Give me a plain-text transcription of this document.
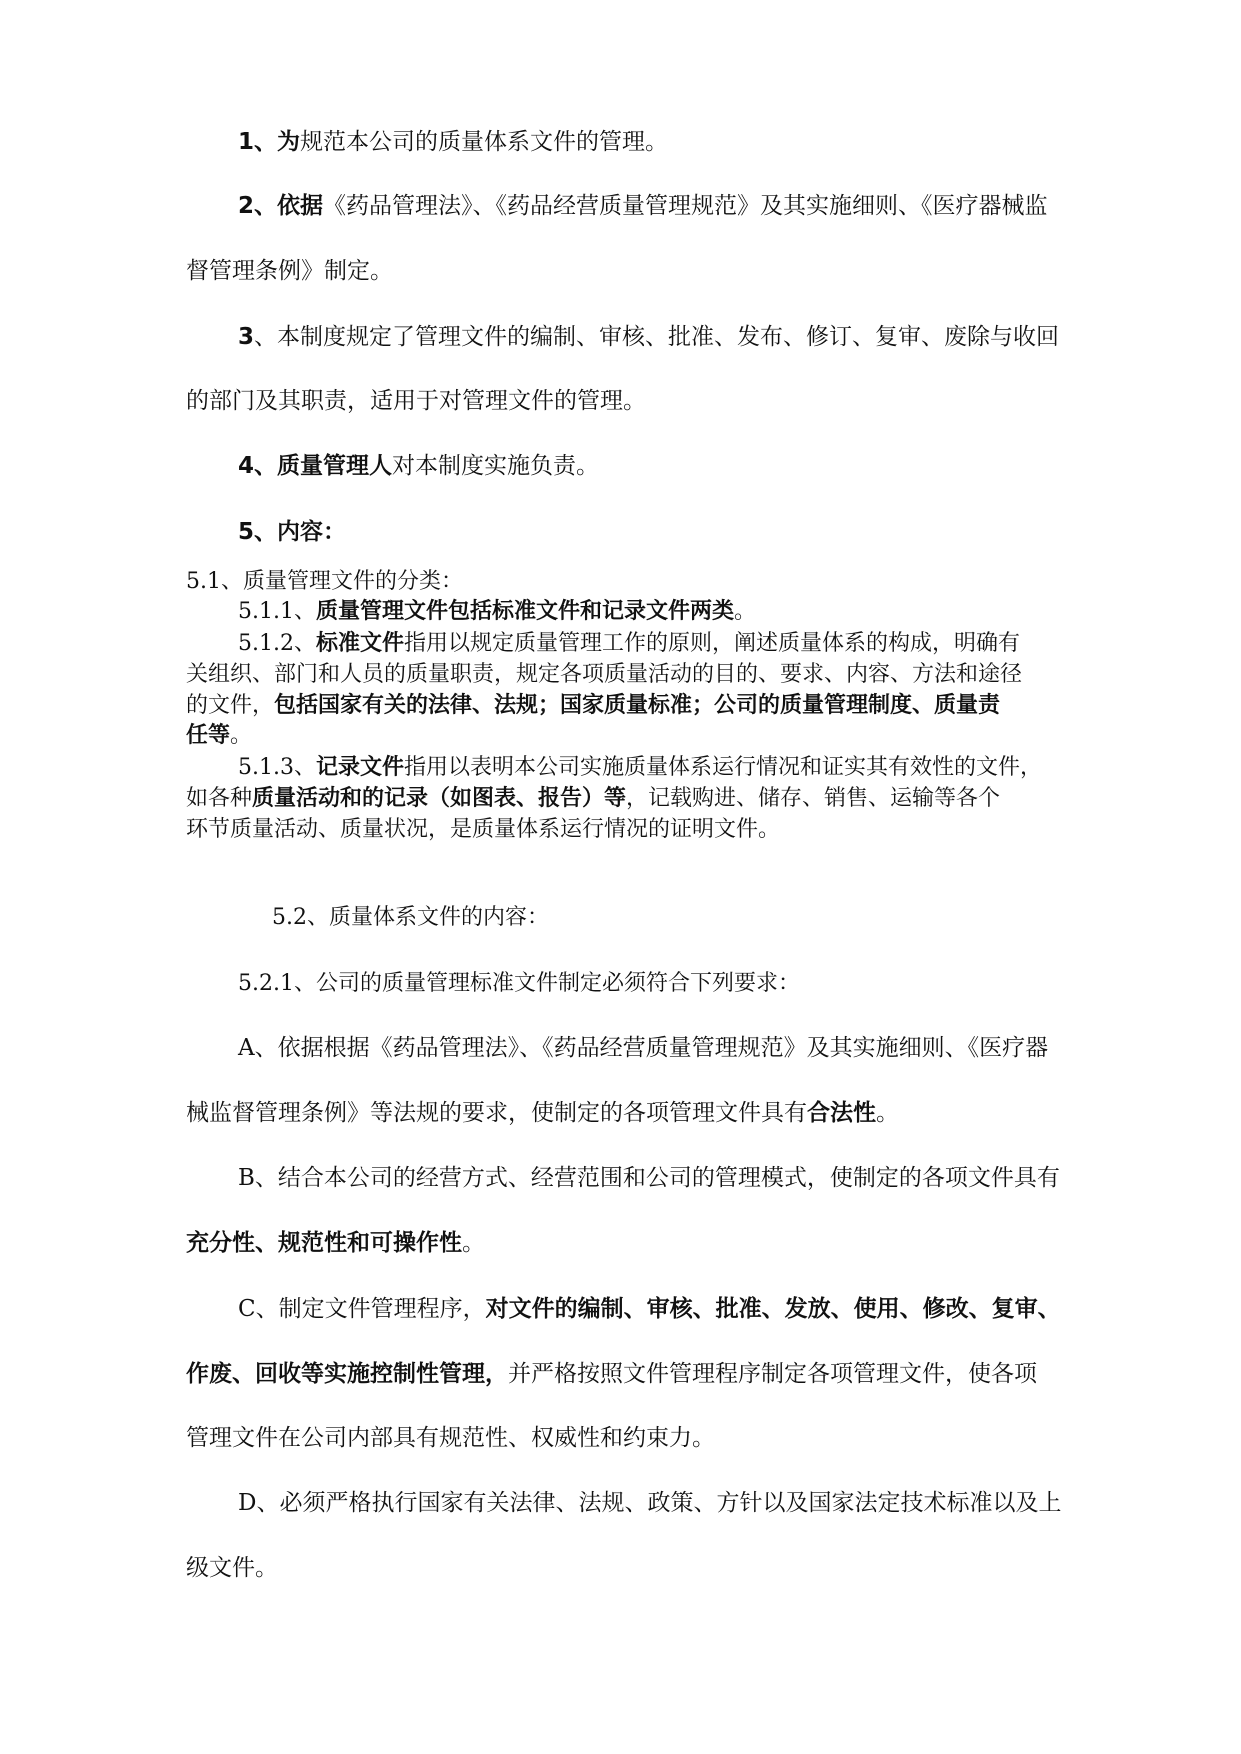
1、为规范本公司的质量体系文件的管理。

2、依据《药品管理法》、《药品经营质量管理规范》及其实施细则、《医疗器械监

督管理条例》制定。

3、本制度规定了管理文件的编制、审核、批准、发布、修订、复审、废除与收回

的部门及其职责，适用于对管理文件的管理。

4、质量管理人对本制度实施负责。

5、内容：

5.1、质量管理文件的分类：

5.1.1、质量管理文件包括标准文件和记录文件两类。

5.1.2、标准文件指用以规定质量管理工作的原则，阐述质量体系的构成，明确有

关组织、部门和人员的质量职责，规定各项质量活动的目的、要求、内容、方法和途径

的文件，包括国家有关的法律、法规；国家质量标准；公司的质量管理制度、质量责

任等。

5.1.3、记录文件指用以表明本公司实施质量体系运行情况和证实其有效性的文件，

如各种质量活动和的记录（如图表、报告）等，记载购进、储存、销售、运输等各个

环节质量活动、质量状况，是质量体系运行情况的证明文件。

5.2、质量体系文件的内容：

5.2.1、公司的质量管理标准文件制定必须符合下列要求：

A、依据根据《药品管理法》、《药品经营质量管理规范》及其实施细则、《医疗器

械监督管理条例》等法规的要求，使制定的各项管理文件具有合法性。

B、结合本公司的经营方式、经营范围和公司的管理模式，使制定的各项文件具有

充分性、规范性和可操作性。

C、制定文件管理程序，对文件的编制、审核、批准、发放、使用、修改、复审、

作废、回收等实施控制性管理，并严格按照文件管理程序制定各项管理文件，使各项

管理文件在公司内部具有规范性、权威性和约束力。

D、必须严格执行国家有关法律、法规、政策、方针以及国家法定技术标准以及上

级文件。
